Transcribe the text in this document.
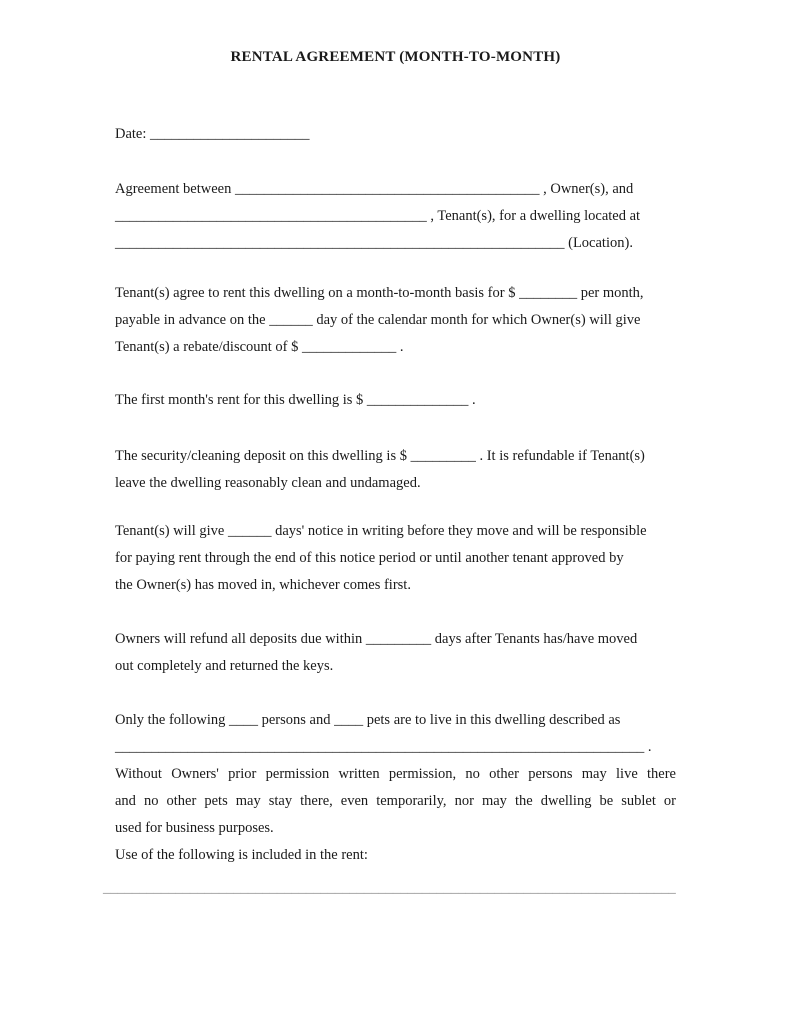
RENTAL AGREEMENT (MONTH-TO-MONTH)
Date: ______________________
Agreement between __________________________________________ , Owner(s), and
___________________________________________ , Tenant(s), for a dwelling located at
______________________________________________________________ (Location).
Tenant(s) agree to rent this dwelling on a month-to-month basis for $ ________ per month,
payable in advance on the ______ day of the calendar month for which Owner(s) will give
Tenant(s) a rebate/discount of $ _____________ .
The first month's rent for this dwelling is $ ______________ .
The security/cleaning deposit on this dwelling is $ _________ . It is refundable if Tenant(s)
leave the dwelling reasonably clean and undamaged.
Tenant(s) will give ______ days' notice in writing before they move and will be responsible
for paying rent through the end of this notice period or until another tenant approved by
the Owner(s) has moved in, whichever comes first.
Owners will refund all deposits due within _________ days after Tenants has/have moved
out completely and returned the keys.
Only the following ____ persons and ____ pets are to live in this dwelling described as
_________________________________________________________________________ .
Without Owners' prior permission written permission, no other persons may live there
and no other pets may stay there, even temporarily, nor may the dwelling be sublet or
used for business purposes.
Use of the following is included in the rent:
_______________________________________________________________________________
